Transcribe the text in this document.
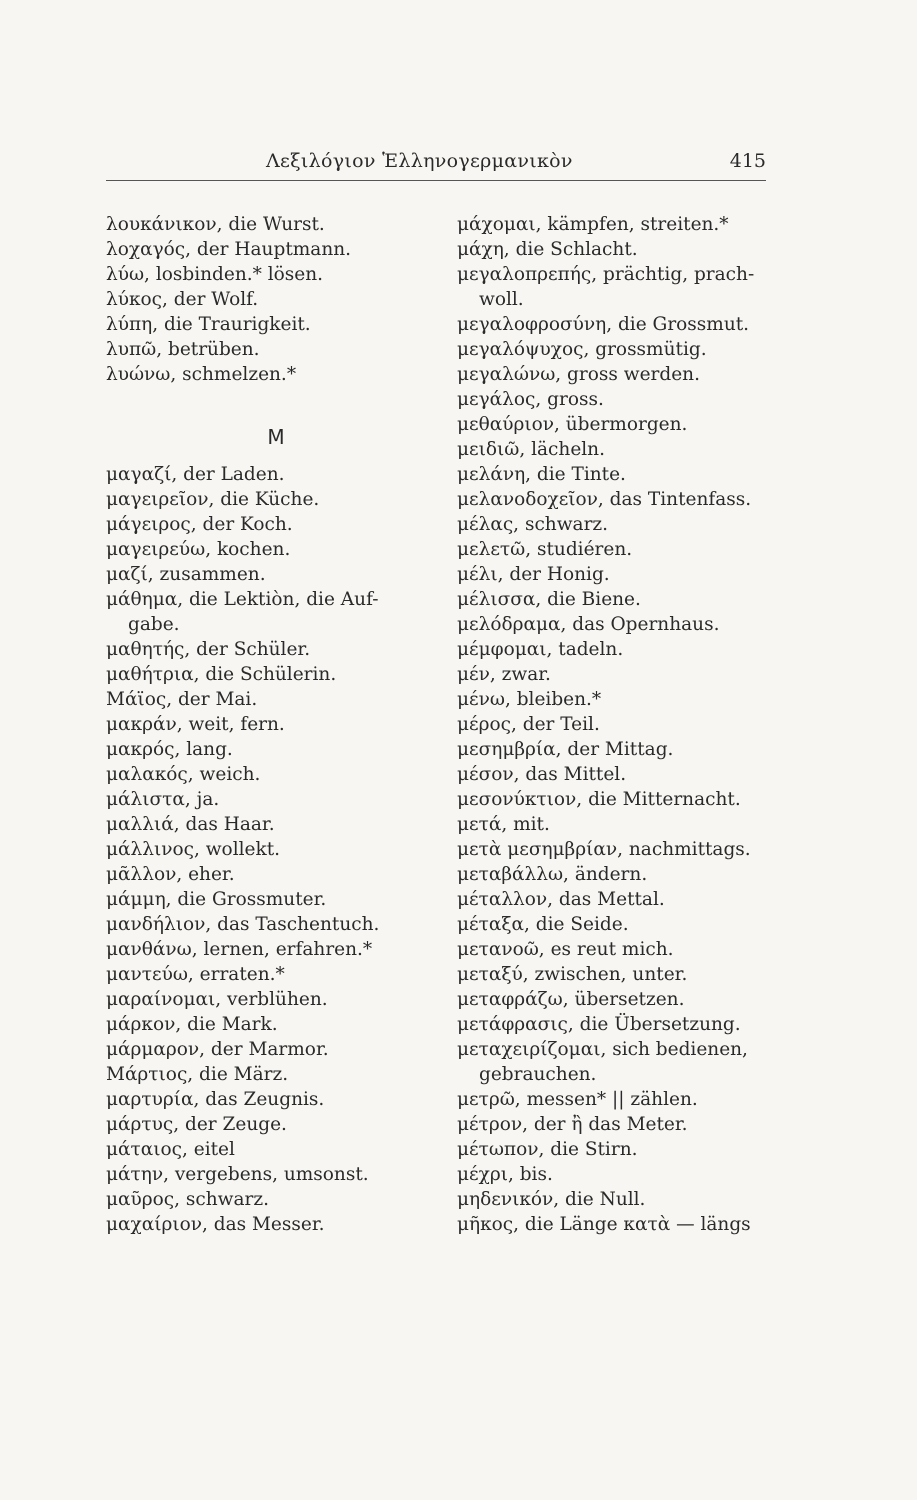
Λεξιλόγιον Ἑλληνογερμανικὸν	415
λουκάνικον, die Wurst.
λοχαγός, der Hauptmann.
λύω, losbinden.* lösen.
λύκος, der Wolf.
λύπη, die Traurigkeit.
λυπῶ, betrüben.
λυώνω, schmelzen.*
Μ
μαγαζί, der Laden.
μαγειρεῖον, die Küche.
μάγειρος, der Koch.
μαγειρεύω, kochen.
μαζί, zusammen.
μάθημα, die Lektiòn, die Auf-
gabe.
μαθητής, der Schüler.
μαθήτρια, die Schülerin.
Μάϊος, der Mai.
μακράν, weit, fern.
μακρός, lang.
μαλακός, weich.
μάλιστα, ja.
μαλλιά, das Haar.
μάλλινος, wollekt.
μᾶλλον, eher.
μάμμη, die Grossmuter.
μανδήλιον, das Taschentuch.
μανθάνω, lernen, erfahren.*
μαντεύω, erraten.*
μαραίνομαι, verblühen.
μάρκον, die Mark.
μάρμαρον, der Marmor.
Μάρτιος, die März.
μαρτυρία, das Zeugnis.
μάρτυς, der Zeuge.
μάταιος, eitel
μάτην, vergebens, umsonst.
μαῦρος, schwarz.
μαχαίριον, das Messer.
μάχομαι, kämpfen, streiten.*
μάχη, die Schlacht.
μεγαλοπρεπής, prächtig, prach-
woll.
μεγαλοφροσύνη, die Grossmut.
μεγαλόψυχος, grossmütig.
μεγαλώνω, gross werden.
μεγάλος, gross.
μεθαύριον, übermorgen.
μειδιῶ, lächeln.
μελάνη, die Tinte.
μελανοδοχεῖον, das Tintenfass.
μέλας, schwarz.
μελετῶ, studiéren.
μέλι, der Honig.
μέλισσα, die Biene.
μελόδραμα, das Opernhaus.
μέμφομαι, tadeln.
μέν, zwar.
μένω, bleiben.*
μέρος, der Teil.
μεσημβρία, der Mittag.
μέσον, das Mittel.
μεσονύκτιον, die Mitternacht.
μετά, mit.
μετὰ μεσημβρίαν, nachmittags.
μεταβάλλω, ändern.
μέταλλον, das Mettal.
μέταξα, die Seide.
μετανοῶ, es reut mich.
μεταξύ, zwischen, unter.
μεταφράζω, übersetzen.
μετάφρασις, die Übersetzung.
μεταχειρίζομαι, sich bedienen,
gebrauchen.
μετρῶ, messen* || zählen.
μέτρον, der ἢ das Meter.
μέτωπον, die Stirn.
μέχρι, bis.
μηδενικόν, die Null.
μῆκος, die Länge κατὰ — längs
